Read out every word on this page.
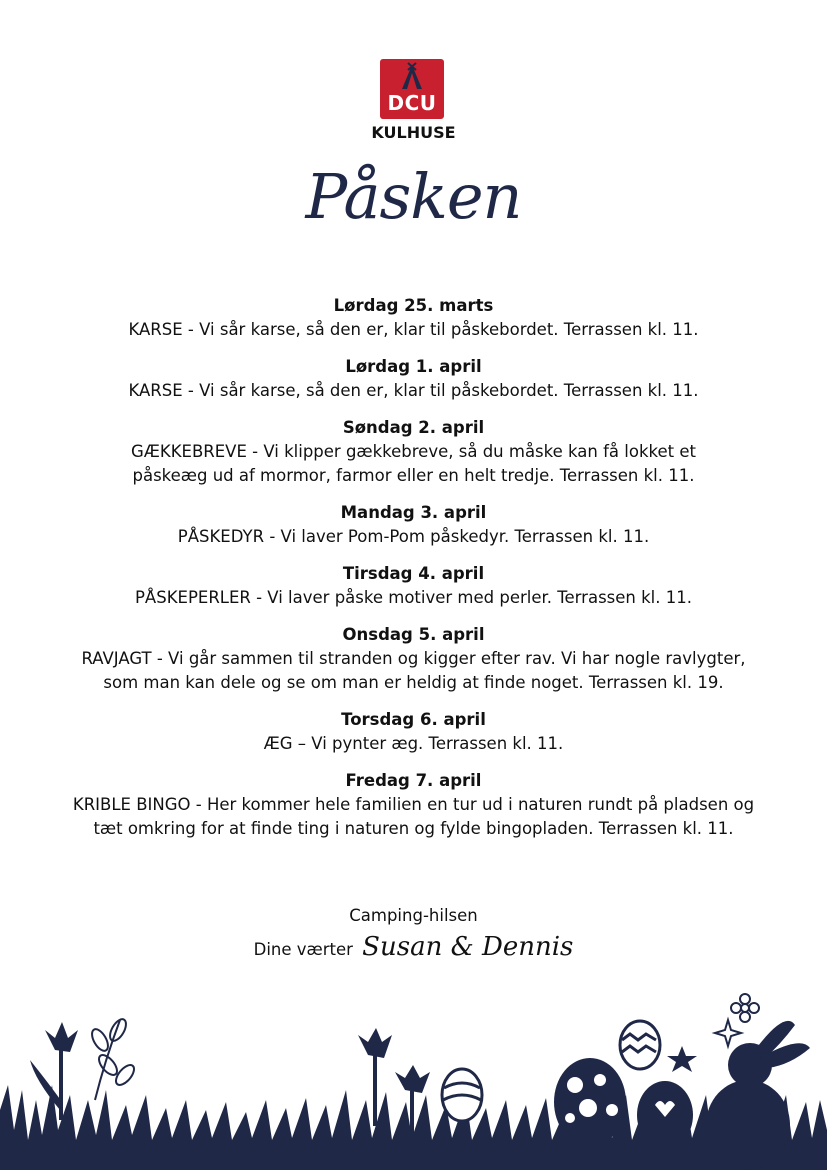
DCU
KULHUSE
Påsken
Lørdag 25. marts
KARSE - Vi sår karse, så den er, klar til påskebordet. Terrassen kl. 11.
Lørdag 1. april
KARSE - Vi sår karse, så den er, klar til påskebordet. Terrassen kl. 11.
Søndag 2. april
GÆKKEBREVE - Vi klipper gækkebreve, så du måske kan få lokket et
påskeæg ud af mormor, farmor eller en helt tredje. Terrassen kl. 11.
Mandag 3. april
PÅSKEDYR - Vi laver Pom-Pom påskedyr. Terrassen kl. 11.
Tirsdag 4. april
PÅSKEPERLER - Vi laver påske motiver med perler. Terrassen kl. 11.
Onsdag 5. april
RAVJAGT - Vi går sammen til stranden og kigger efter rav. Vi har nogle ravlygter,
som man kan dele og se om man er heldig at finde noget. Terrassen kl. 19.
Torsdag 6. april
ÆG – Vi pynter æg. Terrassen kl. 11.
Fredag 7. april
KRIBLE BINGO - Her kommer hele familien en tur ud i naturen rundt på pladsen og
tæt omkring for at finde ting i naturen og fylde bingopladen. Terrassen kl. 11.
Camping-hilsen
Dine værter Susan & Dennis
